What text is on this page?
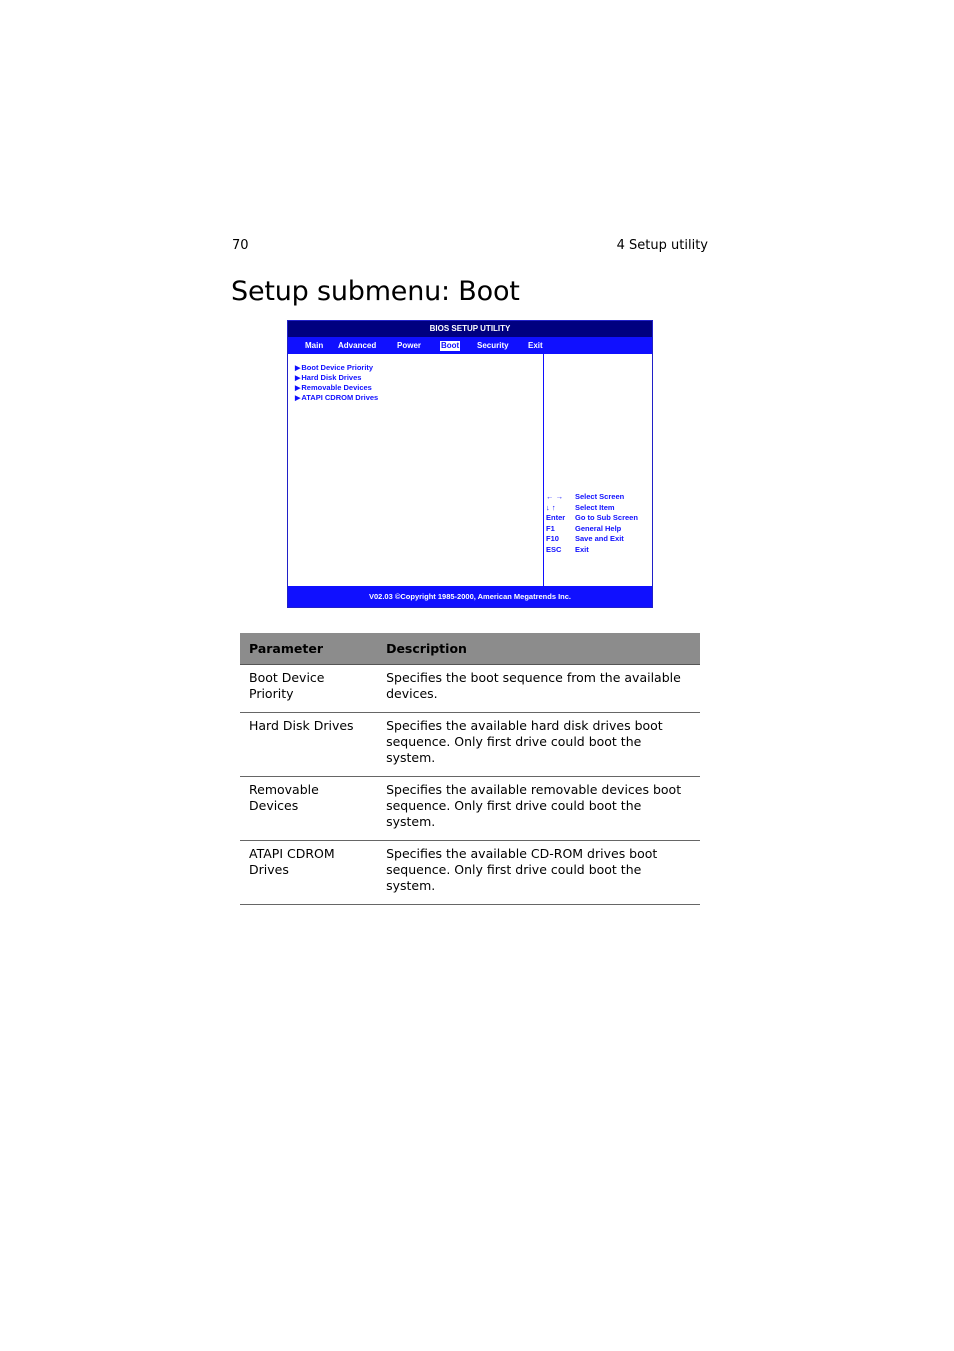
70	4 Setup utility
Setup submenu: Boot
BIOS SETUP UTILITY
Main Advanced	Power Boot Security Exit
▶Boot Device Priority
▶Hard Disk Drives
▶Removable Devices
▶ATAPI CDROM Drives
← → Select Screen
↓ ↑	Select Item
Enter Go to Sub Screen
F1	General Help
F10 Save and Exit
ESC Exit
V02.03 ©Copyright 1985-2000, American Megatrends Inc.
Parameter	Description
Boot Device Priority	Specifies the boot sequence from the available devices.
Hard Disk Drives	Specifies the available hard disk drives boot sequence. Only first drive could boot the system.
Removable Devices	Specifies the available removable devices boot sequence. Only first drive could boot the system.
ATAPI CDROM Drives	Specifies the available CD-ROM drives boot sequence. Only first drive could boot the system.
